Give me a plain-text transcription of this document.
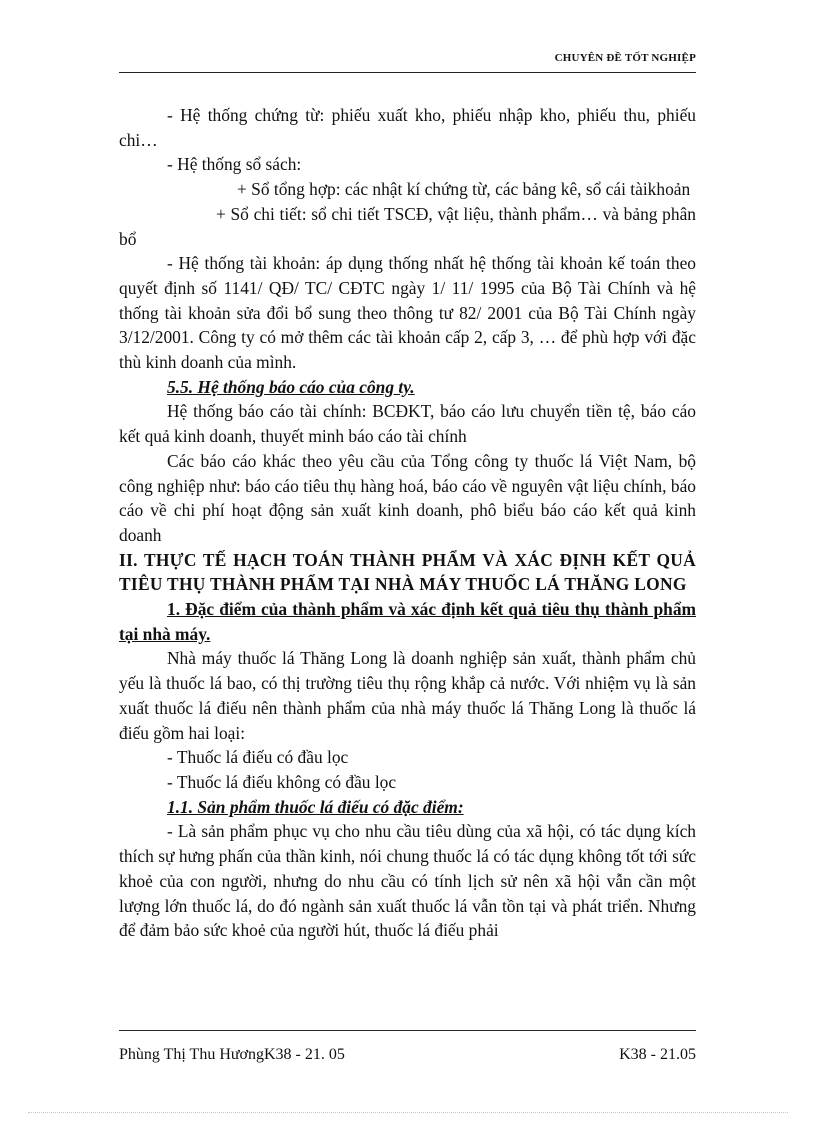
CHUYÊN ĐỀ TỐT NGHIỆP

- Hệ thống chứng từ: phiếu xuất kho, phiếu nhập kho, phiếu thu, phiếu chi…

- Hệ thống sổ sách:

+ Sổ tổng hợp: các nhật kí chứng từ, các bảng kê, sổ cái tàikhoản

+ Sổ chi tiết: sổ chi tiết TSCĐ, vật liệu, thành phẩm… và bảng phân bổ

- Hệ thống tài khoản: áp dụng thống nhất hệ thống tài khoản kế toán theo quyết định số 1141/ QĐ/ TC/ CĐTC ngày 1/ 11/ 1995 của Bộ Tài Chính và hệ thống tài khoản sửa đổi bổ sung theo thông tư 82/ 2001 của Bộ Tài Chính ngày 3/12/2001. Công ty có mở thêm các tài khoản cấp 2, cấp 3, … để phù hợp với đặc thù kinh doanh của mình.

5.5. Hệ thống báo cáo của công ty.

Hệ thống báo cáo tài chính: BCĐKT, báo cáo lưu chuyển tiền tệ, báo cáo kết quả kinh doanh, thuyết minh báo cáo tài chính

Các báo cáo khác theo yêu cầu của Tổng công ty thuốc lá Việt Nam, bộ công nghiệp như: báo cáo tiêu thụ hàng hoá, báo cáo về nguyên vật liệu chính, báo cáo về chi phí hoạt động sản xuất kinh doanh, phô biểu báo cáo kết quả kinh doanh

II. THỰC TẾ HẠCH TOÁN THÀNH PHẨM VÀ XÁC ĐỊNH KẾT QUẢ TIÊU THỤ THÀNH PHẨM TẠI NHÀ MÁY THUỐC LÁ THĂNG LONG

1. Đặc điểm của thành phẩm và xác định kết quả tiêu thụ thành phẩm tại nhà máy.

Nhà máy thuốc lá Thăng Long là doanh nghiệp sản xuất, thành phẩm chủ yếu là thuốc lá bao, có thị trường tiêu thụ rộng khắp cả nước. Với nhiệm vụ là sản xuất thuốc lá điếu nên thành phẩm của nhà máy thuốc lá Thăng Long là thuốc lá điếu gồm hai loại:

- Thuốc lá điếu có đầu lọc

- Thuốc lá điếu không có đầu lọc

1.1. Sản phẩm thuốc lá điếu có đặc điểm:

- Là sản phẩm phục vụ cho nhu cầu tiêu dùng của xã hội, có tác dụng kích thích sự hưng phấn của thần kinh, nói chung thuốc lá có tác dụng không tốt tới sức khoẻ của con người, nhưng do nhu cầu có tính lịch sử nên xã hội vẫn cần một lượng lớn thuốc lá, do đó ngành sản xuất thuốc lá vẫn tồn tại và phát triển. Nhưng để đảm bảo sức khoẻ của người hút, thuốc lá điếu phải

Phùng Thị Thu HươngK38 - 21. 05	K38 - 21.05
